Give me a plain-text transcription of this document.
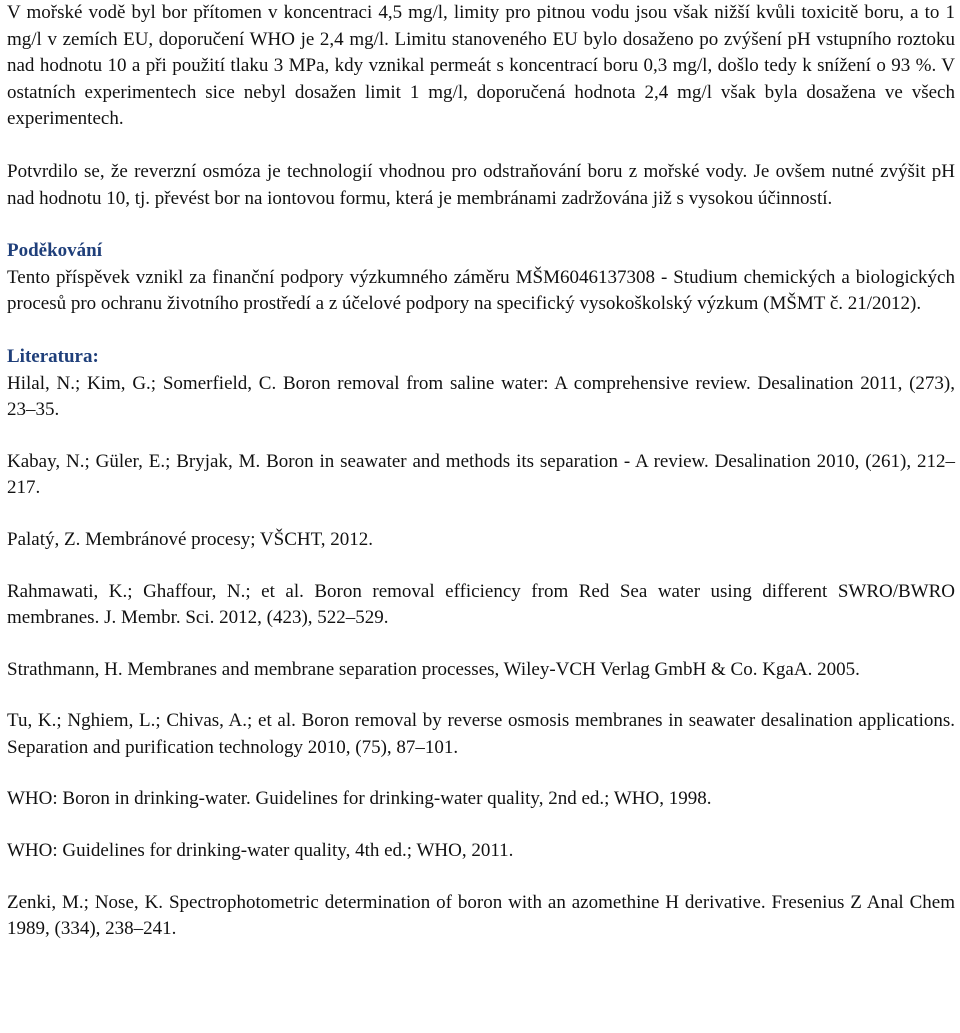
V mořské vodě byl bor přítomen v koncentraci 4,5 mg/l, limity pro pitnou vodu jsou však nižší kvůli toxicitě boru, a to 1 mg/l v zemích EU, doporučení WHO je 2,4 mg/l. Limitu stanoveného EU bylo dosaženo po zvýšení pH vstupního roztoku nad hodnotu 10 a při použití tlaku 3 MPa, kdy vznikal permeát s koncentrací boru 0,3 mg/l, došlo tedy k snížení o 93 %. V ostatních experimentech sice nebyl dosažen limit 1 mg/l, doporučená hodnota 2,4 mg/l však byla dosažena ve všech experimentech.

Potvrdilo se, že reverzní osmóza je technologií vhodnou pro odstraňování boru z mořské vody. Je ovšem nutné zvýšit pH nad hodnotu 10, tj. převést bor na iontovou formu, která je membránami zadržována již s vysokou účinností.

Poděkování

Tento příspěvek vznikl za finanční podpory výzkumného záměru MŠM6046137308 - Studium chemických a biologických procesů pro ochranu životního prostředí a z účelové podpory na specifický vysokoškolský výzkum (MŠMT č. 21/2012).

Literatura:

Hilal, N.; Kim, G.; Somerfield, C. Boron removal from saline water: A comprehensive review. Desalination 2011, (273), 23–35.

Kabay, N.; Güler, E.; Bryjak, M. Boron in seawater and methods its separation - A review. Desalination 2010, (261), 212–217.

Palatý, Z. Membránové procesy; VŠCHT, 2012.

Rahmawati, K.; Ghaffour, N.; et al. Boron removal efficiency from Red Sea water using different SWRO/BWRO membranes. J. Membr. Sci. 2012, (423), 522–529.

Strathmann, H. Membranes and membrane separation processes, Wiley-VCH Verlag GmbH & Co. KgaA. 2005.

Tu, K.; Nghiem, L.; Chivas, A.; et al. Boron removal by reverse osmosis membranes in seawater desalination applications. Separation and purification technology 2010, (75), 87–101.

WHO: Boron in drinking-water. Guidelines for drinking-water quality, 2nd ed.; WHO, 1998.

WHO: Guidelines for drinking-water quality, 4th ed.; WHO, 2011.

Zenki, M.; Nose, K. Spectrophotometric determination of boron with an azomethine H derivative. Fresenius Z Anal Chem 1989, (334), 238–241.
